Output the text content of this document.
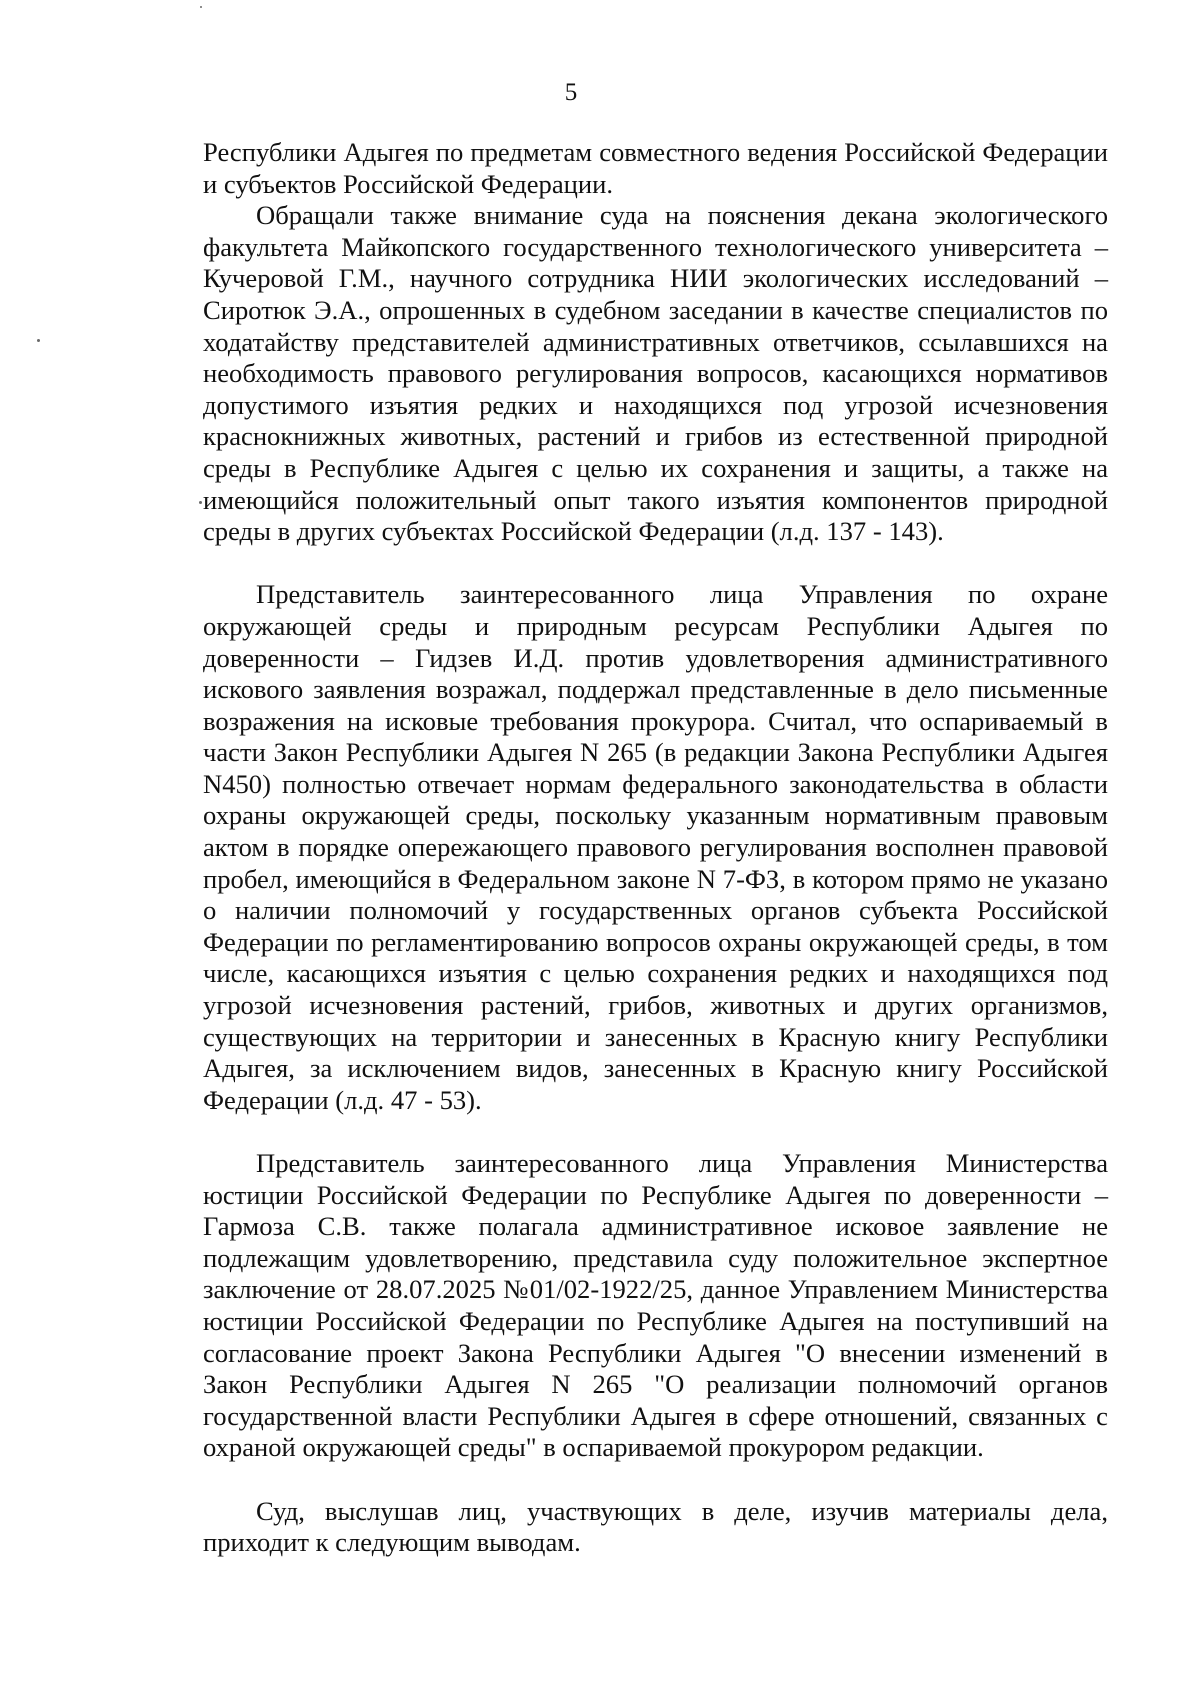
5

Республики Адыгея по предметам совместного ведения Российской Федерации и субъектов Российской Федерации.

Обращали также внимание суда на пояснения декана экологического факультета Майкопского государственного технологического университета – Кучеровой Г.М., научного сотрудника НИИ экологических исследований – Сиротюк Э.А., опрошенных в судебном заседании в качестве специалистов по ходатайству представителей административных ответчиков, ссылавшихся на необходимость правового регулирования вопросов, касающихся нормативов допустимого изъятия редких и находящихся под угрозой исчезновения краснокнижных животных, растений и грибов из естественной природной среды в Республике Адыгея с целью их сохранения и защиты, а также на имеющийся положительный опыт такого изъятия компонентов природной среды в других субъектах Российской Федерации (л.д. 137 - 143).

Представитель заинтересованного лица Управления по охране окружающей среды и природным ресурсам Республики Адыгея по доверенности – Гидзев И.Д. против удовлетворения административного искового заявления возражал, поддержал представленные в дело письменные возражения на исковые требования прокурора. Считал, что оспариваемый в части Закон Республики Адыгея N 265 (в редакции Закона Республики Адыгея N450) полностью отвечает нормам федерального законодательства в области охраны окружающей среды, поскольку указанным нормативным правовым актом в порядке опережающего правового регулирования восполнен правовой пробел, имеющийся в Федеральном законе N 7-ФЗ, в котором прямо не указано о наличии полномочий у государственных органов субъекта Российской Федерации по регламентированию вопросов охраны окружающей среды, в том числе, касающихся изъятия с целью сохранения редких и находящихся под угрозой исчезновения растений, грибов, животных и других организмов, существующих на территории и занесенных в Красную книгу Республики Адыгея, за исключением видов, занесенных в Красную книгу Российской Федерации (л.д. 47 - 53).

Представитель заинтересованного лица Управления Министерства юстиции Российской Федерации по Республике Адыгея по доверенности – Гармоза С.В. также полагала административное исковое заявление не подлежащим удовлетворению, представила суду положительное экспертное заключение от 28.07.2025 №01/02-1922/25, данное Управлением Министерства юстиции Российской Федерации по Республике Адыгея на поступивший на согласование проект Закона Республики Адыгея "О внесении изменений в Закон Республики Адыгея N 265 "О реализации полномочий органов государственной власти Республики Адыгея в сфере отношений, связанных с охраной окружающей среды" в оспариваемой прокурором редакции.

Суд, выслушав лиц, участвующих в деле, изучив материалы дела, приходит к следующим выводам.
